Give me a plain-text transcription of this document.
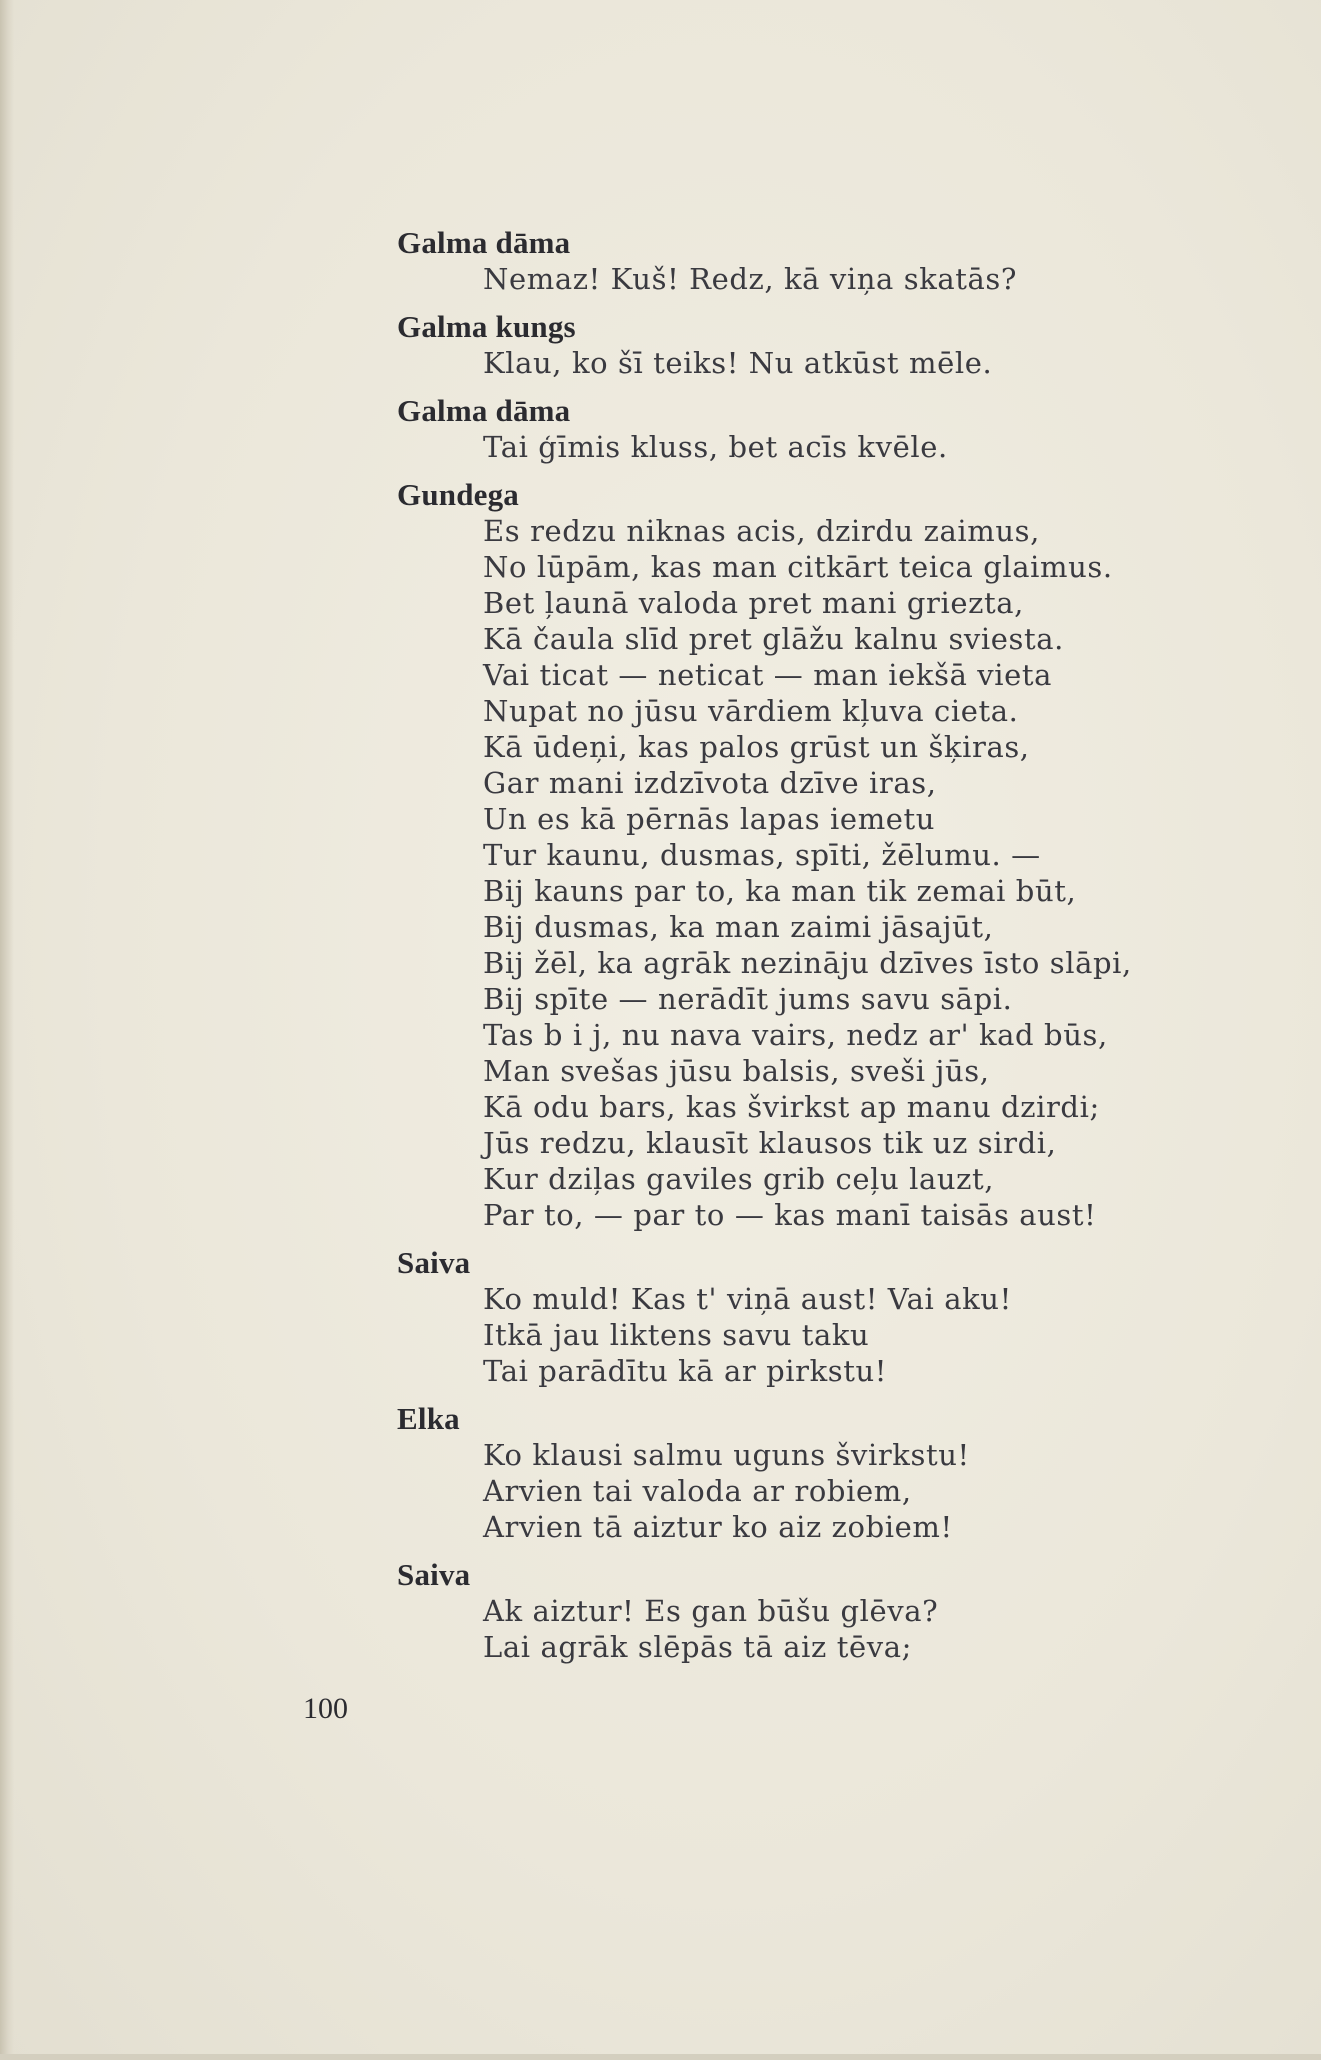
Galma dāma
Nemaz! Kuš! Redz, kā viņa skatās?
Galma kungs
Klau, ko šī teiks! Nu atkūst mēle.
Galma dāma
Tai ģīmis kluss, bet acīs kvēle.
Gundega
Es redzu niknas acis, dzirdu zaimus,
No lūpām, kas man citkārt teica glaimus.
Bet ļaunā valoda pret mani griezta,
Kā čaula slīd pret glāžu kalnu sviesta.
Vai ticat — neticat — man iekšā vieta
Nupat no jūsu vārdiem kļuva cieta.
Kā ūdeņi, kas palos grūst un šķiras,
Gar mani izdzīvota dzīve iras,
Un es kā pērnās lapas iemetu
Tur kaunu, dusmas, spīti, žēlumu. —
Bij kauns par to, ka man tik zemai būt,
Bij dusmas, ka man zaimi jāsajūt,
Bij žēl, ka agrāk nezināju dzīves īsto slāpi,
Bij spīte — nerādīt jums savu sāpi.
Tas b i j, nu nava vairs, nedz ar' kad būs,
Man svešas jūsu balsis, sveši jūs,
Kā odu bars, kas švirkst ap manu dzirdi;
Jūs redzu, klausīt klausos tik uz sirdi,
Kur dziļas gaviles grib ceļu lauzt,
Par to, — par to — kas manī taisās aust!
Saiva
Ko muld! Kas t' viņā aust! Vai aku!
Itkā jau liktens savu taku
Tai parādītu kā ar pirkstu!
Elka
Ko klausi salmu uguns švirkstu!
Arvien tai valoda ar robiem,
Arvien tā aiztur ko aiz zobiem!
Saiva
Ak aiztur! Es gan būšu glēva?
Lai agrāk slēpās tā aiz tēva;
100
